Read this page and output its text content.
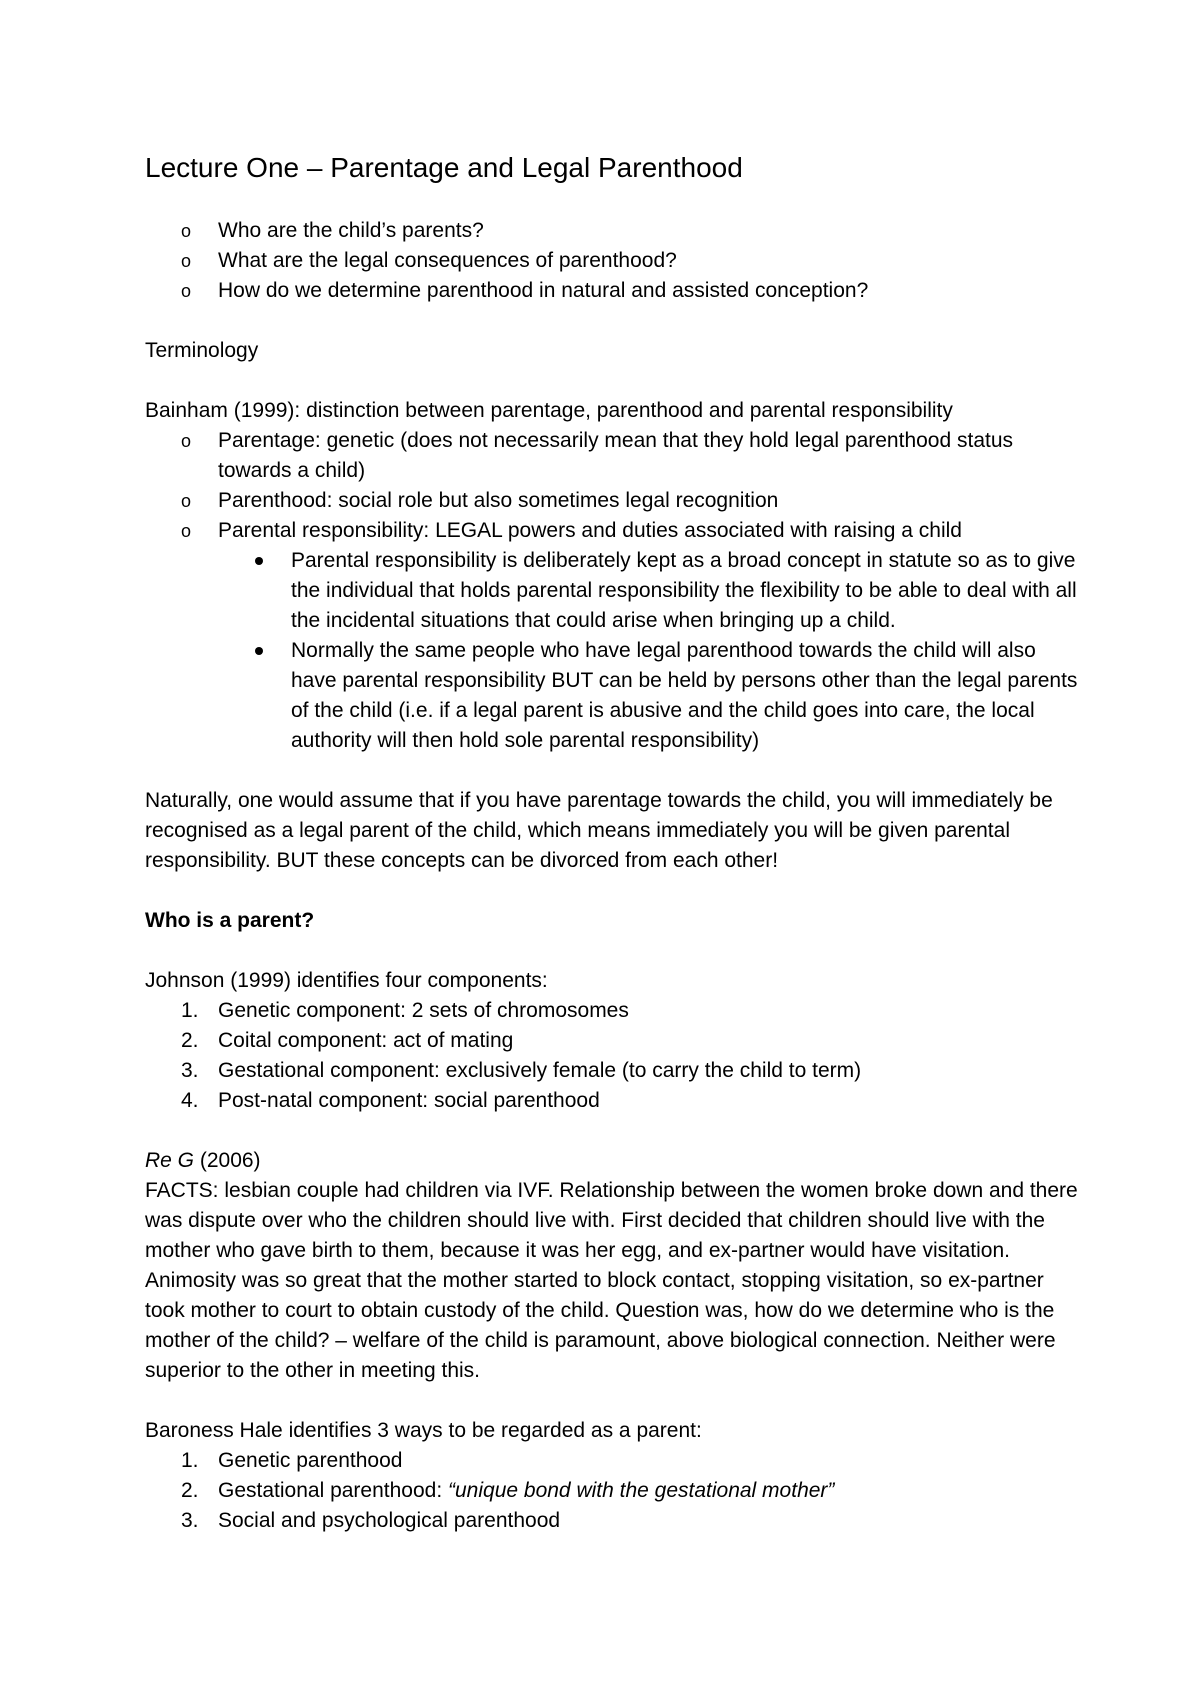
Lecture One – Parentage and Legal Parenthood
o Who are the child’s parents?
o What are the legal consequences of parenthood?
o How do we determine parenthood in natural and assisted conception?

Terminology

Bainham (1999): distinction between parentage, parenthood and parental responsibility

o Parentage: genetic (does not necessarily mean that they hold legal parenthood status towards a child)
o Parenthood: social role but also sometimes legal recognition
o Parental responsibility: LEGAL powers and duties associated with raising a child
Parental responsibility is deliberately kept as a broad concept in statute so as to give the individual that holds parental responsibility the flexibility to be able to deal with all the incidental situations that could arise when bringing up a child.
Normally the same people who have legal parenthood towards the child will also have parental responsibility BUT can be held by persons other than the legal parents of the child (i.e. if a legal parent is abusive and the child goes into care, the local authority will then hold sole parental responsibility)

Naturally, one would assume that if you have parentage towards the child, you will immediately be recognised as a legal parent of the child, which means immediately you will be given parental responsibility. BUT these concepts can be divorced from each other!

Who is a parent?

Johnson (1999) identifies four components:

1. Genetic component: 2 sets of chromosomes
2. Coital component: act of mating
3. Gestational component: exclusively female (to carry the child to term)
4. Post-natal component: social parenthood

Re G (2006)

FACTS: lesbian couple had children via IVF. Relationship between the women broke down and there was dispute over who the children should live with. First decided that children should live with the mother who gave birth to them, because it was her egg, and ex-partner would have visitation. Animosity was so great that the mother started to block contact, stopping visitation, so ex-partner took mother to court to obtain custody of the child. Question was, how do we determine who is the mother of the child? – welfare of the child is paramount, above biological connection. Neither were superior to the other in meeting this.

Baroness Hale identifies 3 ways to be regarded as a parent:

1. Genetic parenthood
2. Gestational parenthood: “unique bond with the gestational mother”
3. Social and psychological parenthood
